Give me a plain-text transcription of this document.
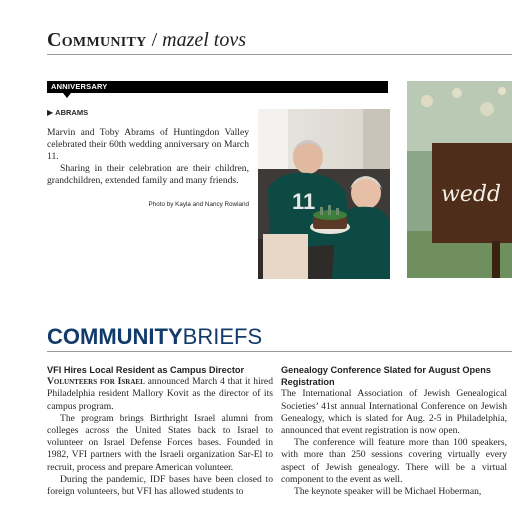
Community / mazel tovs
ANNIVERSARY
▶ ABRAMS

Marvin and Toby Abrams of Huntingdon Valley celebrated their 60th wedding anniversary on March 11.

Sharing in their celebration are their children, grandchildren, extended family and many friends.

Photo by Kayla and Nancy Rowland 11	wedd
COMMUNITYBRIEFS
VFI Hires Local Resident as Campus Director

Volunteers for Israel announced March 4 that it hired Philadelphia resident Mallory Kovit as the director of its campus program.

The program brings Birthright Israel alumni from colleges across the United States back to Israel to volunteer on Israel Defense Forces bases. Founded in 1982, VFI partners with the Israeli organization Sar-El to recruit, process and prepare American volunteer.

During the pandemic, IDF bases have been closed to foreign volunteers, but VFI has allowed students to

Genealogy Conference Slated for August Opens Registration

The International Association of Jewish Genealogical Societies’ 41st annual International Conference on Jewish Genealogy, which is slated for Aug. 2-5 in Philadelphia, announced that event registration is now open.

The conference will feature more than 100 speakers, with more than 250 sessions covering virtually every aspect of Jewish genealogy. There will be a virtual component to the event as well.

The keynote speaker will be Michael Hoberman,
